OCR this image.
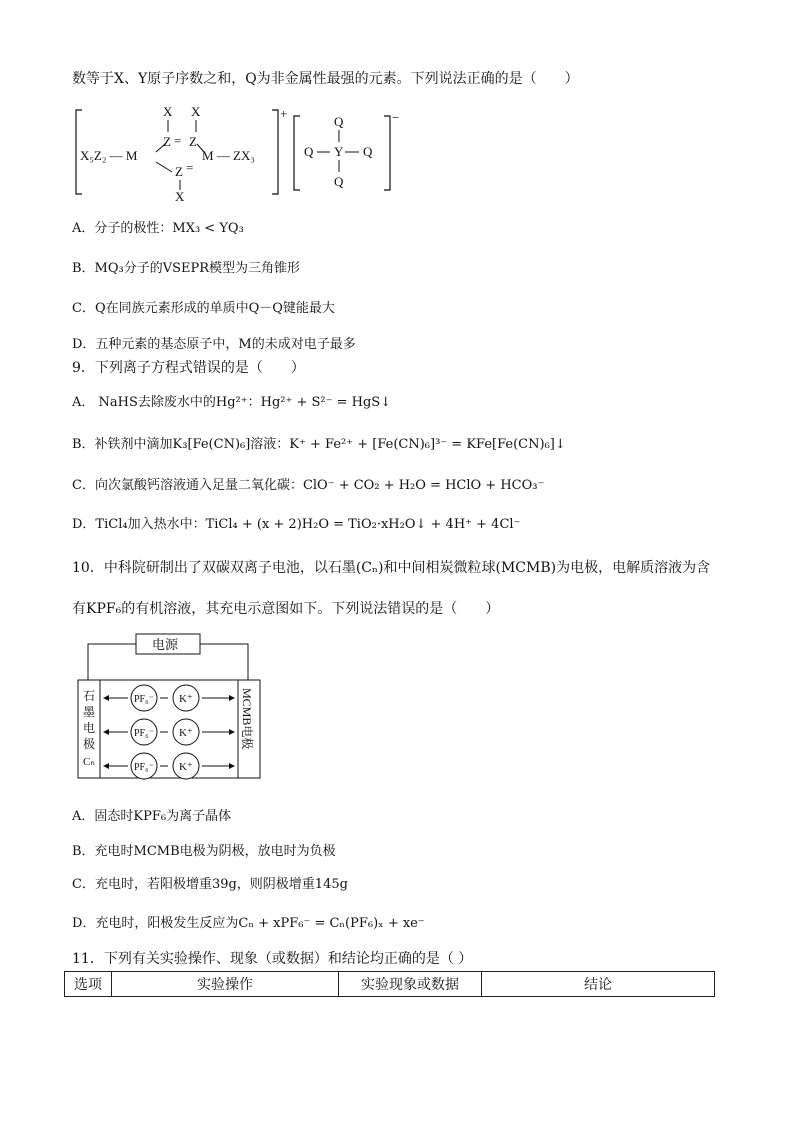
数等于X、Y原子序数之和，Q为非金属性最强的元素。下列说法正确的是（　　）
+
X₅Z₂ — M
X X
Z = Z
Z =
X
M — ZX₃
−
Q
Q Y Q
Q
A．分子的极性：MX₃ < YQ₃
B．MQ₃分子的VSEPR模型为三角锥形
C．Q在同族元素形成的单质中Q－Q键能最大
D．五种元素的基态原子中，M的未成对电子最多
9．下列离子方程式错误的是（　　）
A． NaHS去除废水中的Hg²⁺：Hg²⁺ + S²⁻ = HgS↓
B．补铁剂中滴加K₃[Fe(CN)₆]溶液：K⁺ + Fe²⁺ + [Fe(CN)₆]³⁻ = KFe[Fe(CN)₆]↓
C．向次氯酸钙溶液通入足量二氧化碳：ClO⁻ + CO₂ + H₂O = HClO + HCO₃⁻
D．TiCl₄加入热水中：TiCl₄ + (x + 2)H₂O = TiO₂·xH₂O↓ + 4H⁺ + 4Cl⁻
10．中科院研制出了双碳双离子电池，以石墨(Cₙ)和中间相炭微粒球(MCMB)为电极，电解质溶液为含
有KPF₆的有机溶液，其充电示意图如下。下列说法错误的是（　　）
电源
石
墨
电
极
Cₙ
MCMB电极
PF₆⁻ K⁺
PF₆⁻ K⁺
PF₆⁻ K⁺
A．固态时KPF₆为离子晶体
B．充电时MCMB电极为阴极，放电时为负极
C．充电时，若阳极增重39g，则阴极增重145g
D．充电时，阳极发生反应为Cₙ + xPF₆⁻ = Cₙ(PF₆)ₓ + xe⁻
11．下列有关实验操作、现象（或数据）和结论均正确的是（ ）
选项	实验操作	实验现象或数据	结论
